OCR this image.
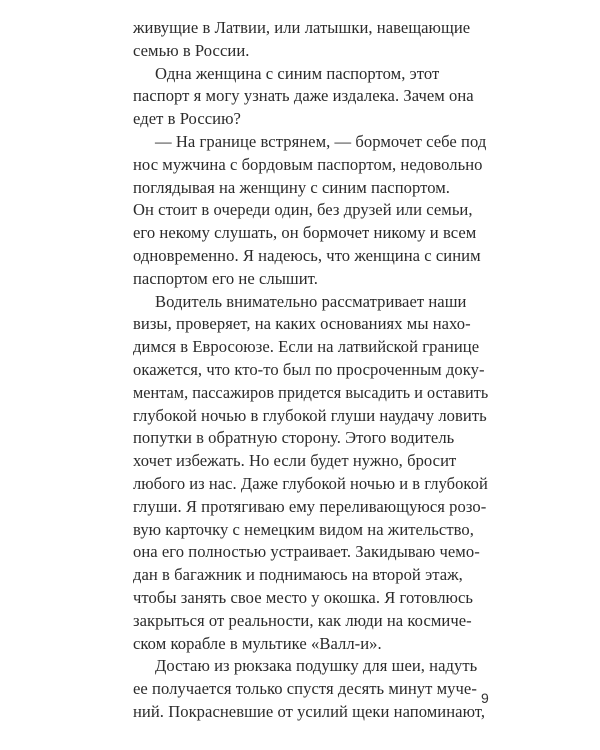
живущие в Латвии, или латышки, навещающие
семью в России.
Одна женщина с синим паспортом, этот
паспорт я могу узнать даже издалека. Зачем она
едет в Россию?
— На границе встрянем, — бормочет себе под
нос мужчина с бордовым паспортом, недовольно
поглядывая на женщину с синим паспортом.
Он стоит в очереди один, без друзей или семьи,
его некому слушать, он бормочет никому и всем
одновременно. Я надеюсь, что женщина с синим
паспортом его не слышит.
Водитель внимательно рассматривает наши
визы, проверяет, на каких основаниях мы нахо-
димся в Евросоюзе. Если на латвийской границе
окажется, что кто-то был по просроченным доку-
ментам, пассажиров придется высадить и оставить
глубокой ночью в глубокой глуши наудачу ловить
попутки в обратную сторону. Этого водитель
хочет избежать. Но если будет нужно, бросит
любого из нас. Даже глубокой ночью и в глубокой
глуши. Я протягиваю ему переливающуюся розо-
вую карточку с немецким видом на жительство,
она его полностью устраивает. Закидываю чемо-
дан в багажник и поднимаюсь на второй этаж,
чтобы занять свое место у окошка. Я готовлюсь
закрыться от реальности, как люди на космиче-
ском корабле в мультике «Валл-и».
Достаю из рюкзака подушку для шеи, надуть
ее получается только спустя десять минут муче-
ний. Покрасневшие от усилий щеки напоминают,
9
